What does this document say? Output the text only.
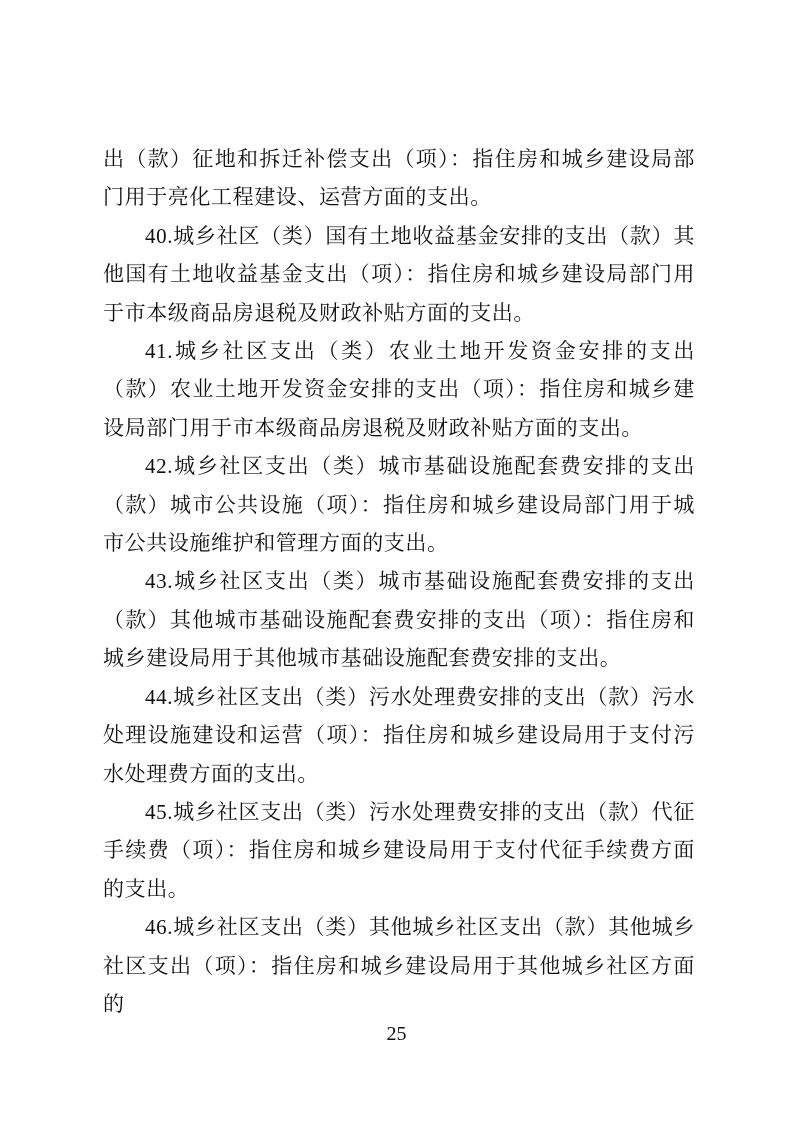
出（款）征地和拆迁补偿支出（项）：指住房和城乡建设局部门用于亮化工程建设、运营方面的支出。

40.城乡社区（类）国有土地收益基金安排的支出（款）其他国有土地收益基金支出（项）：指住房和城乡建设局部门用于市本级商品房退税及财政补贴方面的支出。

41.城乡社区支出（类）农业土地开发资金安排的支出（款）农业土地开发资金安排的支出（项）：指住房和城乡建设局部门用于市本级商品房退税及财政补贴方面的支出。

42.城乡社区支出（类）城市基础设施配套费安排的支出（款）城市公共设施（项）：指住房和城乡建设局部门用于城市公共设施维护和管理方面的支出。

43.城乡社区支出（类）城市基础设施配套费安排的支出（款）其他城市基础设施配套费安排的支出（项）：指住房和城乡建设局用于其他城市基础设施配套费安排的支出。

44.城乡社区支出（类）污水处理费安排的支出（款）污水处理设施建设和运营（项）：指住房和城乡建设局用于支付污水处理费方面的支出。

45.城乡社区支出（类）污水处理费安排的支出（款）代征手续费（项）：指住房和城乡建设局用于支付代征手续费方面的支出。

46.城乡社区支出（类）其他城乡社区支出（款）其他城乡社区支出（项）：指住房和城乡建设局用于其他城乡社区方面的

25
